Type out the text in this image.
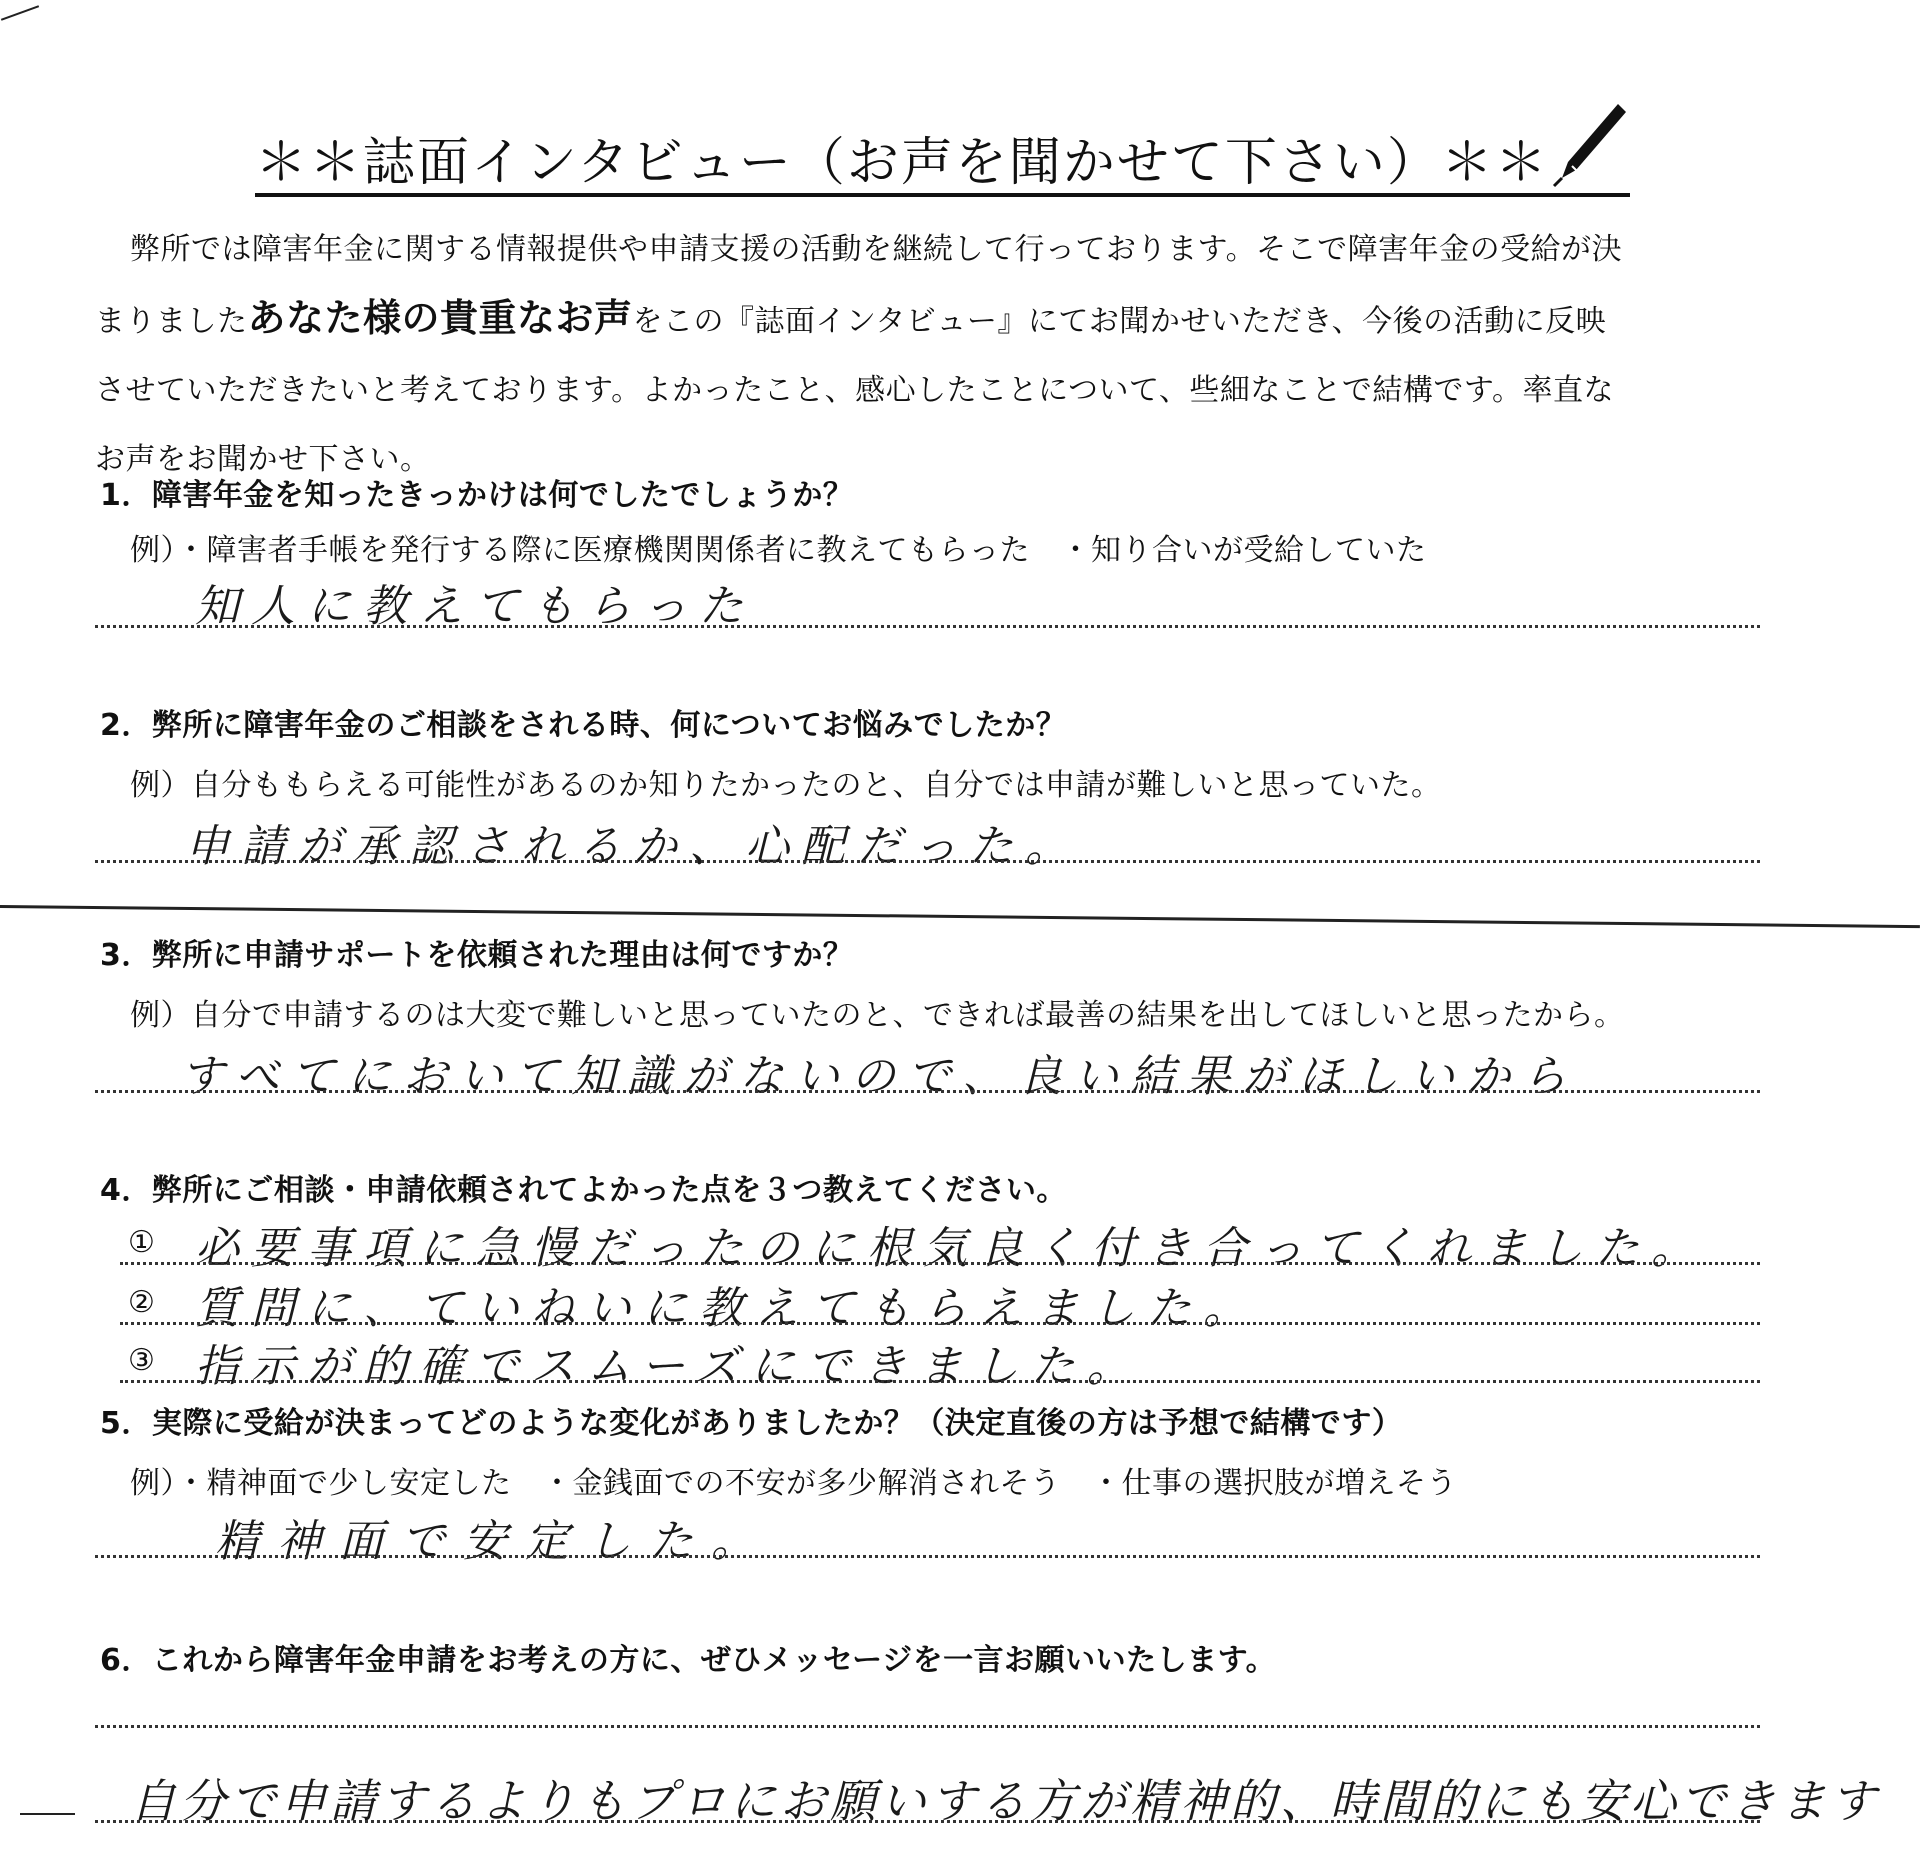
＊＊誌面インタビュー（お声を聞かせて下さい）＊＊
弊所では障害年金に関する情報提供や申請支援の活動を継続して行っております。そこで障害年金の受給が決
まりましたあなた様の貴重なお声をこの『誌面インタビュー』にてお聞かせいただき、今後の活動に反映
させていただきたいと考えております。よかったこと、感心したことについて、些細なことで結構です。率直な
お声をお聞かせ下さい。
1．障害年金を知ったきっかけは何でしたでしょうか？
例）・障害者手帳を発行する際に医療機関関係者に教えてもらった　・知り合いが受給していた
知人に教えてもらった
2．弊所に障害年金のご相談をされる時、何についてお悩みでしたか？
例）自分ももらえる可能性があるのか知りたかったのと、自分では申請が難しいと思っていた。
申請が承認されるか、心配だった。
3．弊所に申請サポートを依頼された理由は何ですか？
例）自分で申請するのは大変で難しいと思っていたのと、できれば最善の結果を出してほしいと思ったから。
すべてにおいて知識がないので、良い結果がほしいから
4．弊所にご相談・申請依頼されてよかった点を３つ教えてください。
① 必要事項に急慢だったのに根気良く付き合ってくれました。
② 質問に、ていねいに教えてもらえました。
③ 指示が的確でスムーズにできました。
5．実際に受給が決まってどのような変化がありましたか？（決定直後の方は予想で結構です）
例）・精神面で少し安定した　・金銭面での不安が多少解消されそう　・仕事の選択肢が増えそう
精神面で安定した。
6．これから障害年金申請をお考えの方に、ぜひメッセージを一言お願いいたします。
自分で申請するよりもプロにお願いする方が精神的、時間的にも安心できます
